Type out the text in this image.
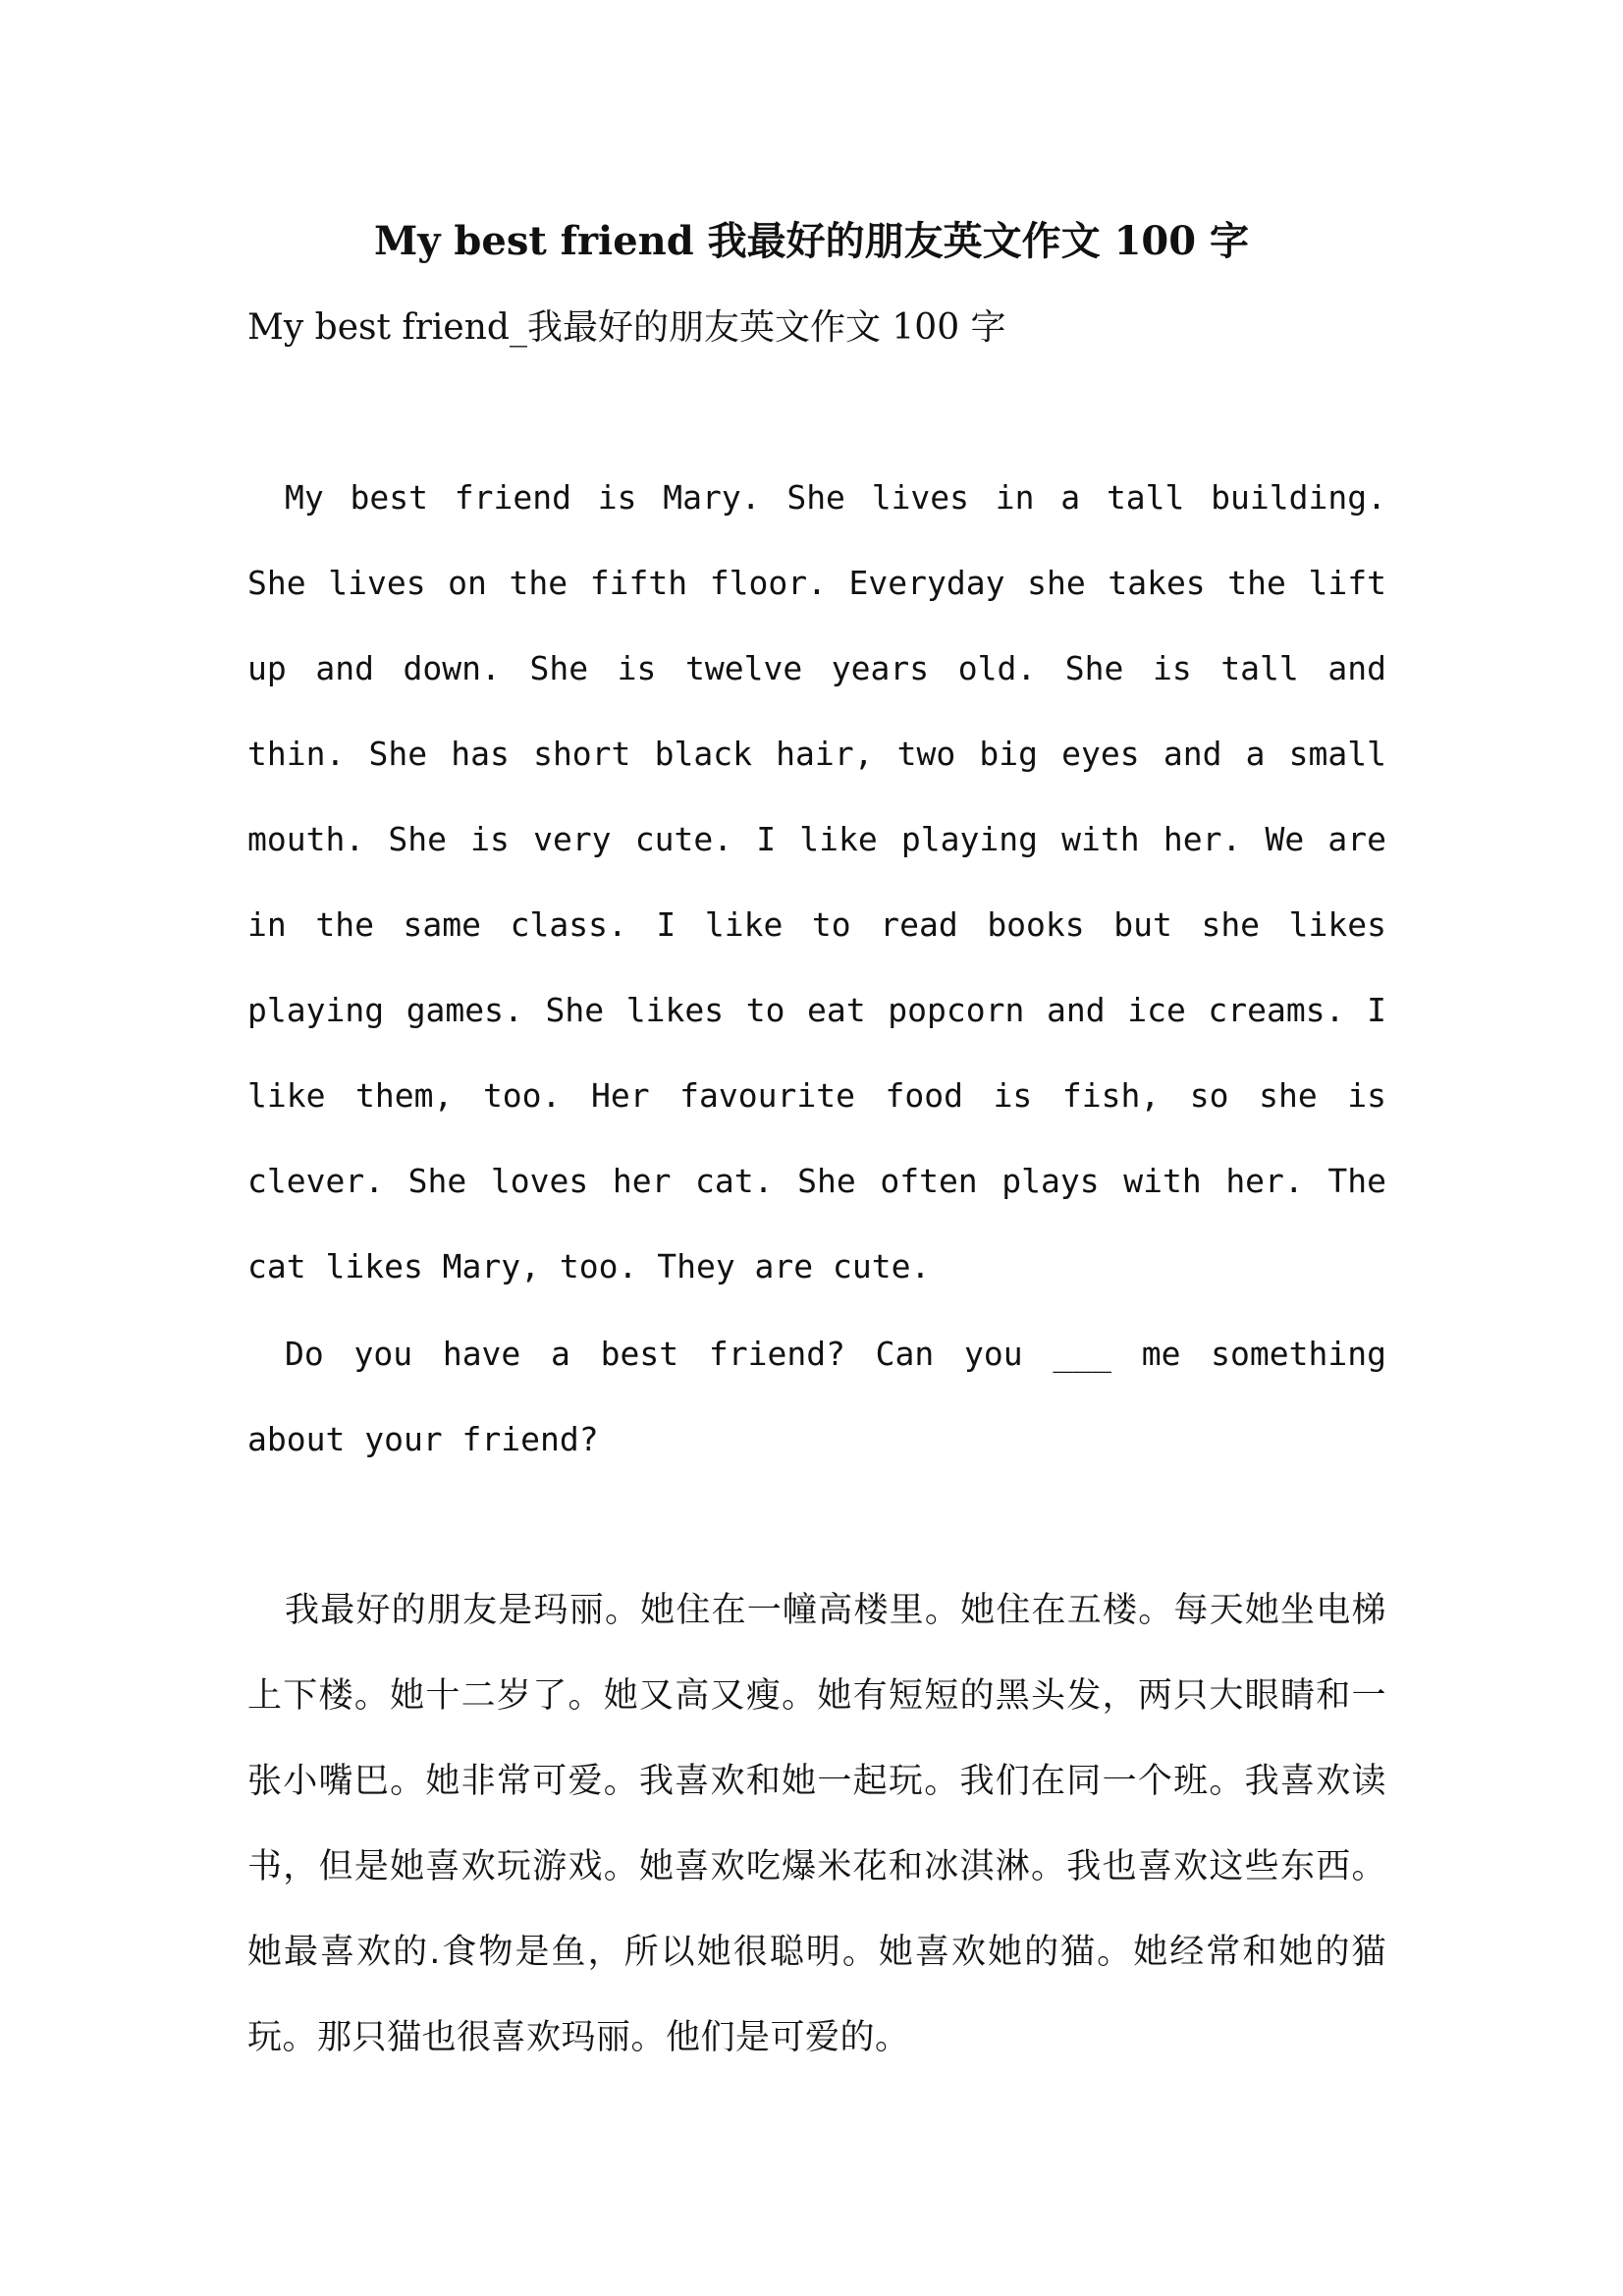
My best friend 我最好的朋友英文作文 100 字

My best friend_我最好的朋友英文作文 100 字

My best friend is Mary. She lives in a tall building. She lives on the fifth floor. Everyday she takes the lift up and down. She is twelve years old. She is tall and thin. She has short black hair, two big eyes and a small mouth. She is very cute. I like playing with her. We are in the same class. I like to read books but she likes playing games. She likes to eat popcorn and ice creams. I like them, too. Her favourite food is fish, so she is clever. She loves her cat. She often plays with her. The cat likes Mary, too. They are cute.

Do you have a best friend? Can you ___ me something about your friend?

我最好的朋友是玛丽。她住在一幢高楼里。她住在五楼。每天她坐电梯上下楼。她十二岁了。她又高又瘦。她有短短的黑头发，两只大眼睛和一张小嘴巴。她非常可爱。我喜欢和她一起玩。我们在同一个班。我喜欢读书，但是她喜欢玩游戏。她喜欢吃爆米花和冰淇淋。我也喜欢这些东西。她最喜欢的.食物是鱼，所以她很聪明。她喜欢她的猫。她经常和她的猫玩。那只猫也很喜欢玛丽。他们是可爱的。
